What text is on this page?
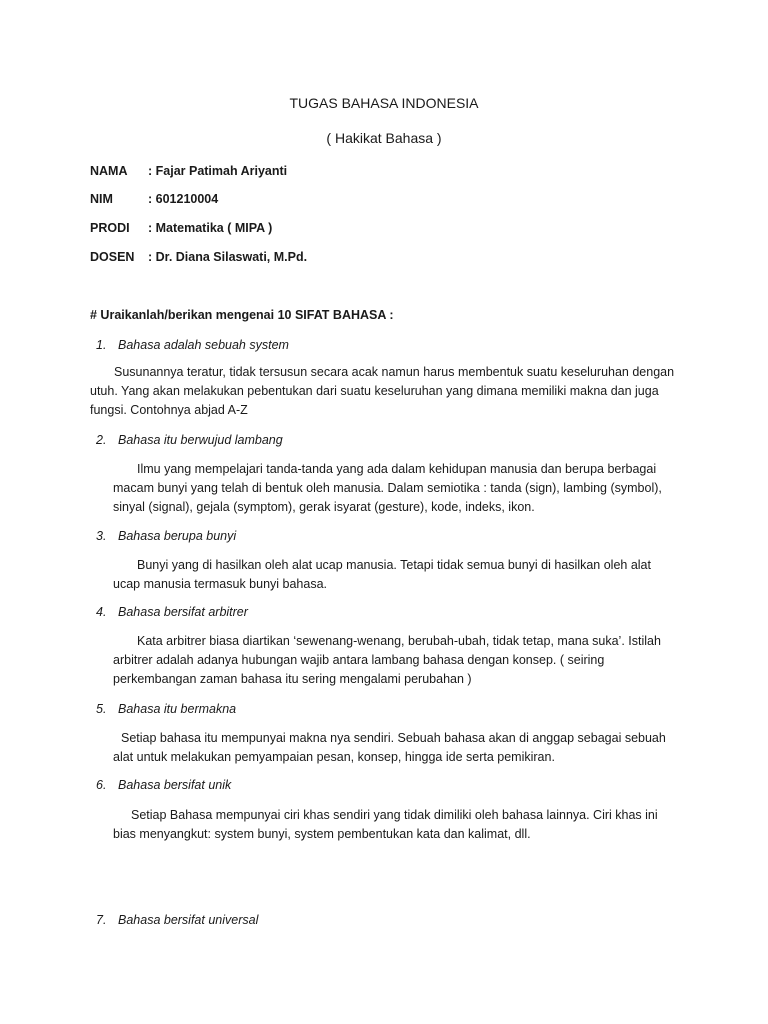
TUGAS BAHASA INDONESIA
( Hakikat Bahasa )
NAMA	: Fajar Patimah Ariyanti
NIM	: 601210004
PRODI	: Matematika ( MIPA )
DOSEN	: Dr. Diana Silaswati, M.Pd.
# Uraikanlah/berikan mengenai 10 SIFAT BAHASA :
1. Bahasa adalah sebuah system
Susunannya teratur, tidak tersusun secara acak namun harus membentuk suatu keseluruhan dengan utuh. Yang akan melakukan pebentukan dari suatu keseluruhan yang dimana memiliki makna dan juga fungsi. Contohnya abjad A-Z
2. Bahasa itu berwujud lambang
Ilmu yang mempelajari tanda-tanda yang ada dalam kehidupan manusia dan berupa berbagai macam bunyi yang telah di bentuk oleh manusia. Dalam semiotika : tanda (sign), lambing (symbol), sinyal (signal), gejala (symptom), gerak isyarat (gesture), kode, indeks, ikon.
3. Bahasa berupa bunyi
Bunyi yang di hasilkan oleh alat ucap manusia. Tetapi tidak semua bunyi di hasilkan oleh alat ucap manusia termasuk bunyi bahasa.
4. Bahasa bersifat arbitrer
Kata arbitrer biasa diartikan ‘sewenang-wenang, berubah-ubah, tidak tetap, mana suka’. Istilah arbitrer adalah adanya hubungan wajib antara lambang bahasa dengan konsep. ( seiring perkembangan zaman bahasa itu sering mengalami perubahan )
5. Bahasa itu bermakna
Setiap bahasa itu mempunyai makna nya sendiri. Sebuah bahasa akan di anggap sebagai sebuah alat untuk melakukan pemyampaian pesan, konsep, hingga ide serta pemikiran.
6. Bahasa bersifat unik
Setiap Bahasa mempunyai ciri khas sendiri yang tidak dimiliki oleh bahasa lainnya. Ciri khas ini bias menyangkut: system bunyi, system pembentukan kata dan kalimat, dll.
7. Bahasa bersifat universal
